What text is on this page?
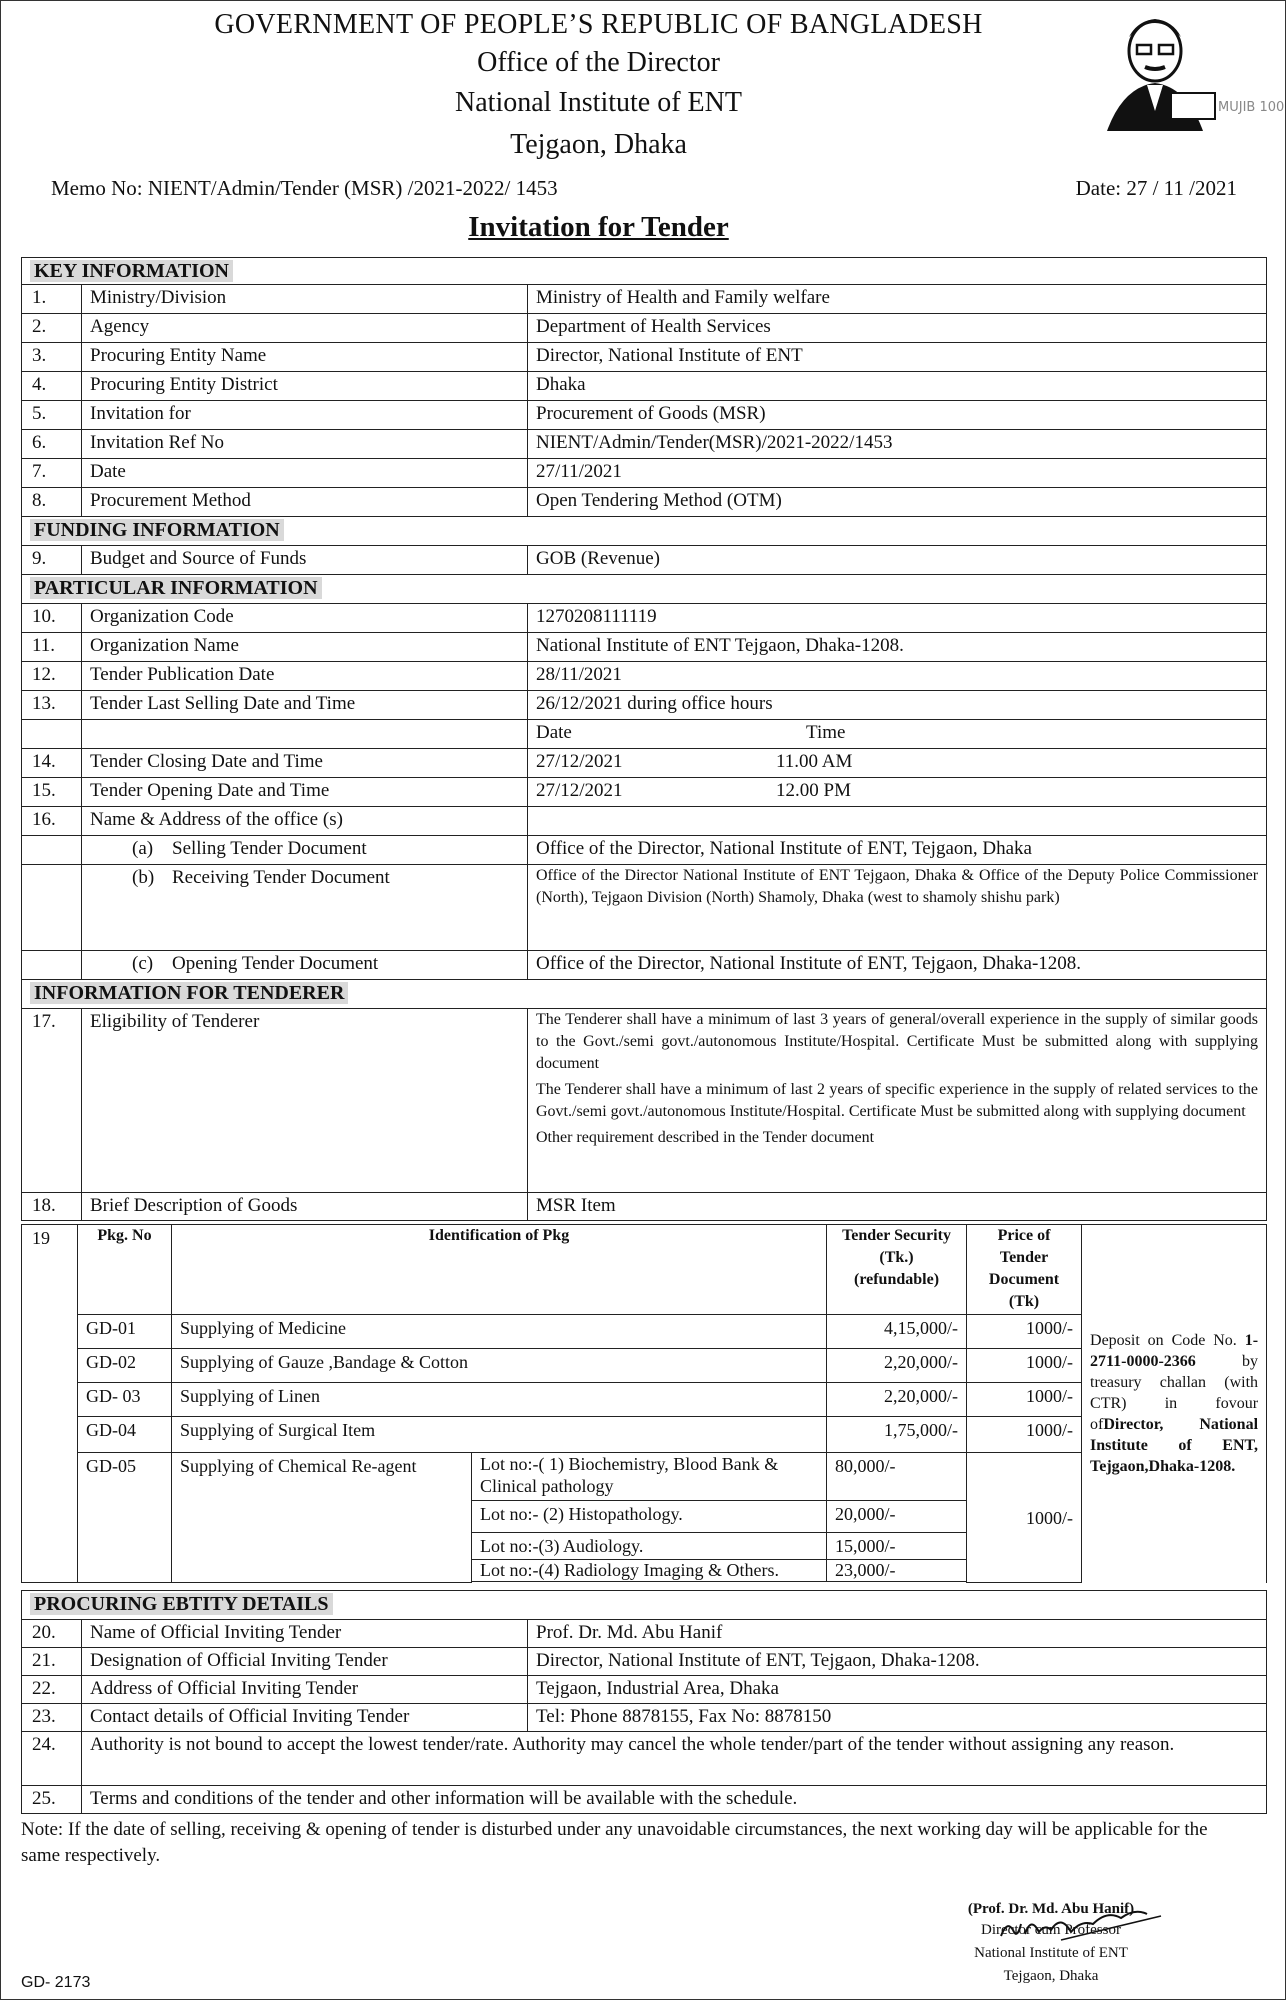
GOVERNMENT OF PEOPLE’S REPUBLIC OF BANGLADESH
Office of the Director
National Institute of ENT
Tejgaon, Dhaka
MUJIB 100
Memo No: NIENT/Admin/Tender (MSR) /2021-2022/ 1453	Date: 27 / 11 /2021
Invitation for Tender
KEY INFORMATION		
1.	Ministry/Division	Ministry of Health and Family welfare
2.	Agency	Department of Health Services
3.	Procuring Entity Name	Director, National Institute of ENT
4.	Procuring Entity District	Dhaka
5.	Invitation for	Procurement of Goods (MSR)
6.	Invitation Ref No	NIENT/Admin/Tender(MSR)/2021-2022/1453
7.	Date	27/11/2021
8.	Procurement Method	Open Tendering Method (OTM)
FUNDING INFORMATION		
9.	Budget and Source of Funds	GOB (Revenue)
PARTICULAR INFORMATION		
10.	Organization Code	1270208111119
11.	Organization Name	National Institute of ENT Tejgaon, Dhaka-1208.
12.	Tender Publication Date	28/11/2021
13.	Tender Last Selling Date and Time	26/12/2021 during office hours
		Date Time
14.	Tender Closing Date and Time	27/12/2021 11.00 AM
15.	Tender Opening Date and Time	27/12/2021 12.00 PM
16.	Name & Address of the office (s)	
	(a) Selling Tender Document	Office of the Director, National Institute of ENT, Tejgaon, Dhaka
	(b) Receiving Tender Document	Office of the Director National Institute of ENT Tejgaon, Dhaka & Office of the Deputy Police Commissioner (North), Tejgaon Division (North) Shamoly, Dhaka (west to shamoly shishu park)
	(c) Opening Tender Document	Office of the Director, National Institute of ENT, Tejgaon, Dhaka-1208.
INFORMATION FOR TENDERER		
17.	Eligibility of Tenderer	The Tenderer shall have a minimum of last 3 years of general/overall experience in the supply of similar goods to the Govt./semi govt./autonomous Institute/Hospital. Certificate Must be submitted along with supplying document
The Tenderer shall have a minimum of last 2 years of specific experience in the supply of related services to the Govt./semi govt./autonomous Institute/Hospital. Certificate Must be submitted along with supplying document
Other requirement described in the Tender document

18.	Brief Description of Goods	MSR Item
19	Pkg. No	Identification of Pkg		Tender Security (Tk.) (refundable)	Price of Tender Document (Tk)	Deposit on Code No. 1-2711-0000-2366 by treasury challan (with CTR) in fovour ofDirector, National Institute of ENT, Tejgaon,Dhaka-1208.
	GD-01	Supplying of Medicine		4,15,000/-	1000/-	
	GD-02	Supplying of Gauze ,Bandage & Cotton		2,20,000/-	1000/-	
	GD- 03	Supplying of Linen		2,20,000/-	1000/-	
	GD-04	Supplying of Surgical Item		1,75,000/-	1000/-	
	GD-05	Supplying of Chemical Re-agent	Lot no:-( 1) Biochemistry, Blood Bank & Clinical pathology	80,000/-	1000/-	
			Lot no:- (2) Histopathology.	20,000/-		
			Lot no:-(3) Audiology.	15,000/-		
			Lot no:-(4) Radiology Imaging & Others.	23,000/-		

PROCURING EBTITY DETAILS		
20.	Name of Official Inviting Tender	Prof. Dr. Md. Abu Hanif
21.	Designation of Official Inviting Tender	Director, National Institute of ENT, Tejgaon, Dhaka-1208.
22.	Address of Official Inviting Tender	Tejgaon, Industrial Area, Dhaka
23.	Contact details of Official Inviting Tender	Tel: Phone 8878155, Fax No: 8878150
24.	Authority is not bound to accept the lowest tender/rate. Authority may cancel the whole tender/part of the tender without assigning any reason.	
25.	Terms and conditions of the tender and other information will be available with the schedule.	
Note: If the date of selling, receiving & opening of tender is disturbed under any unavoidable circumstances, the next working day will be applicable for the same respectively.
(Prof. Dr. Md. Abu Hanif)
Director cum Professor
National Institute of ENT
Tejgaon, Dhaka
GD- 2173
